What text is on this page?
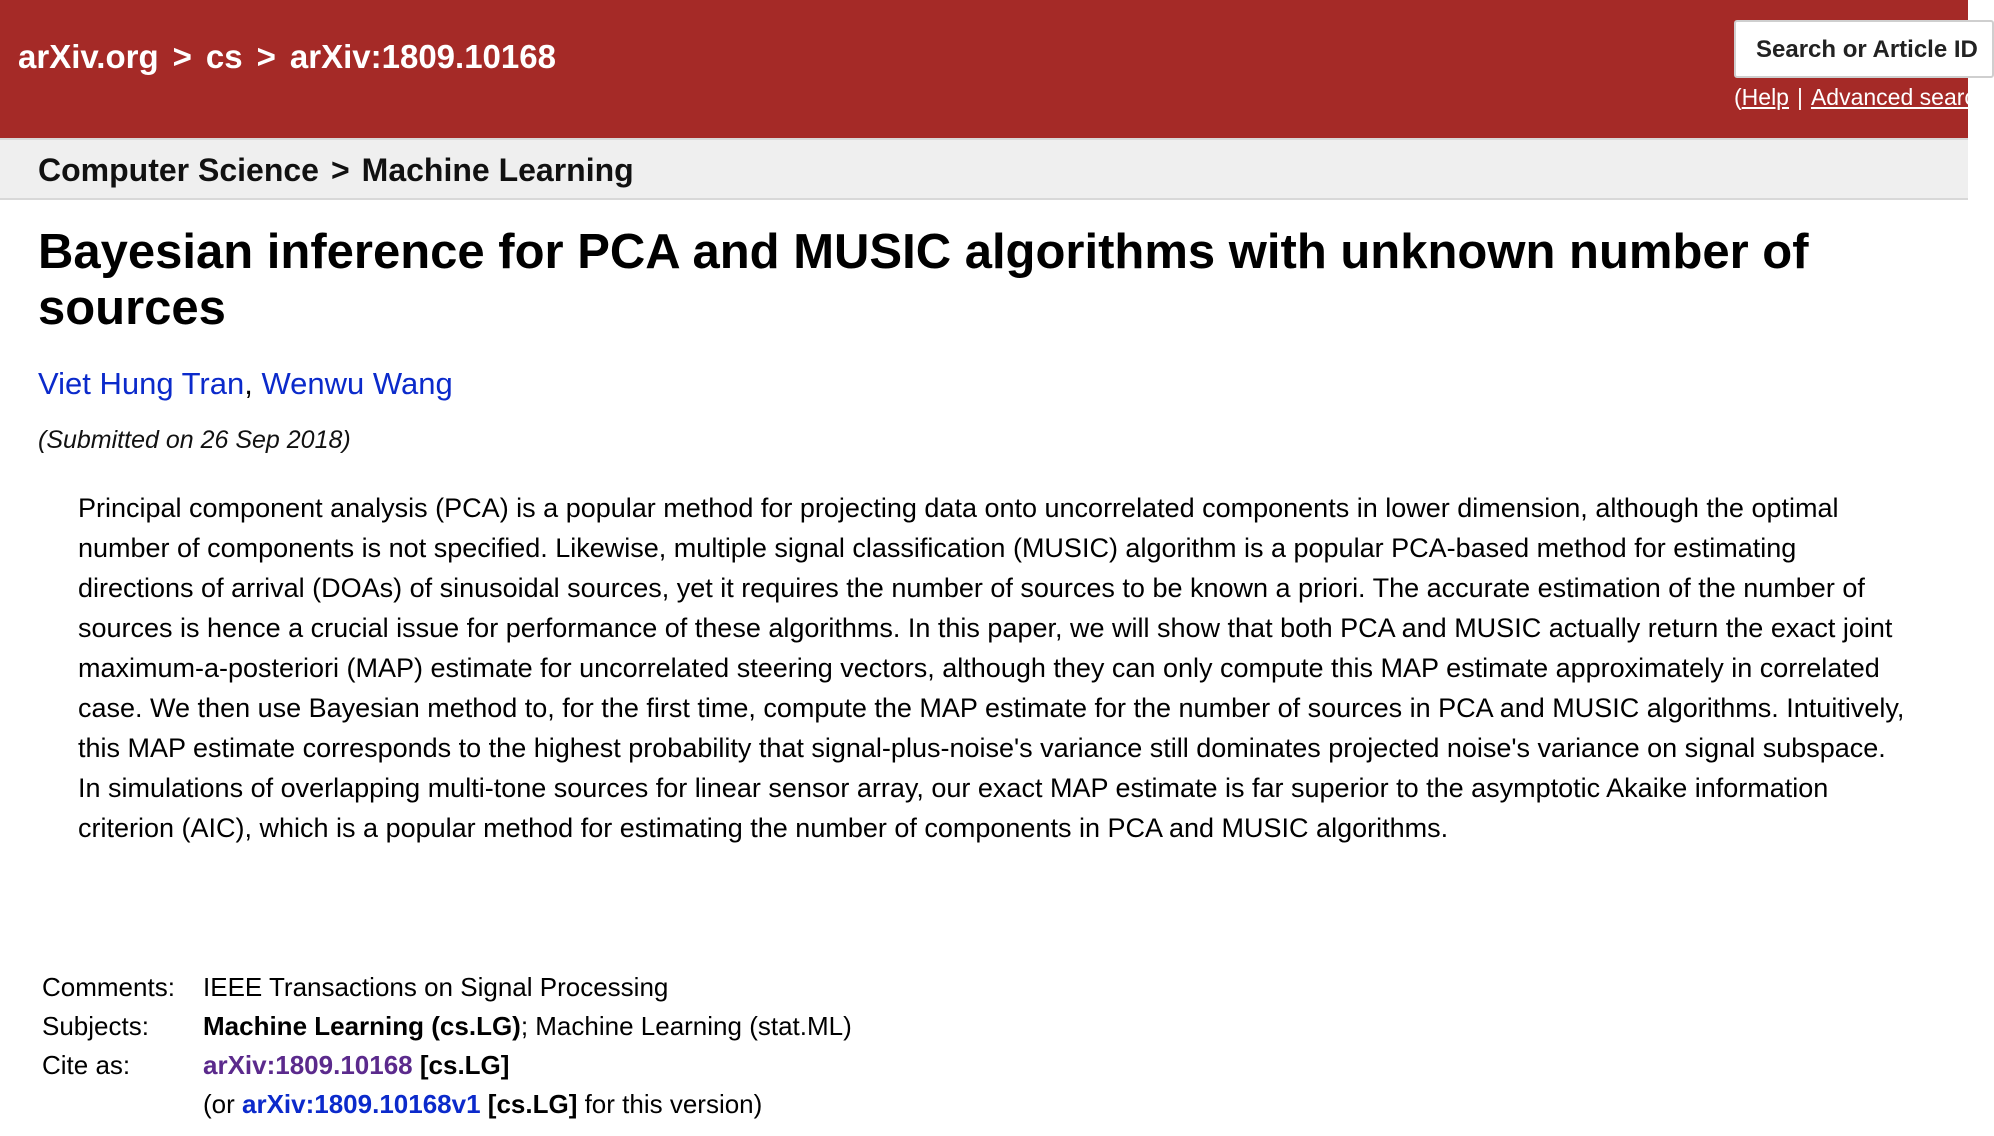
arXiv.org > cs > arXiv:1809.10168	Search or Article ID
(Help | Advanced search
Computer Science > Machine Learning
Bayesian inference for PCA and MUSIC algorithms with unknown number of sources
Viet Hung Tran, Wenwu Wang
(Submitted on 26 Sep 2018)
Principal component analysis (PCA) is a popular method for projecting data onto uncorrelated components in lower dimension, although the optimal number of components is not specified. Likewise, multiple signal classification (MUSIC) algorithm is a popular PCA-based method for estimating directions of arrival (DOAs) of sinusoidal sources, yet it requires the number of sources to be known a priori. The accurate estimation of the number of sources is hence a crucial issue for performance of these algorithms. In this paper, we will show that both PCA and MUSIC actually return the exact joint maximum-a-posteriori (MAP) estimate for uncorrelated steering vectors, although they can only compute this MAP estimate approximately in correlated case. We then use Bayesian method to, for the first time, compute the MAP estimate for the number of sources in PCA and MUSIC algorithms. Intuitively, this MAP estimate corresponds to the highest probability that signal-plus-noise's variance still dominates projected noise's variance on signal subspace. In simulations of overlapping multi-tone sources for linear sensor array, our exact MAP estimate is far superior to the asymptotic Akaike information criterion (AIC), which is a popular method for estimating the number of components in PCA and MUSIC algorithms.
Comments:	IEEE Transactions on Signal Processing
Subjects:	Machine Learning (cs.LG); Machine Learning (stat.ML)
Cite as:	arXiv:1809.10168 [cs.LG]
	(or arXiv:1809.10168v1 [cs.LG] for this version)
